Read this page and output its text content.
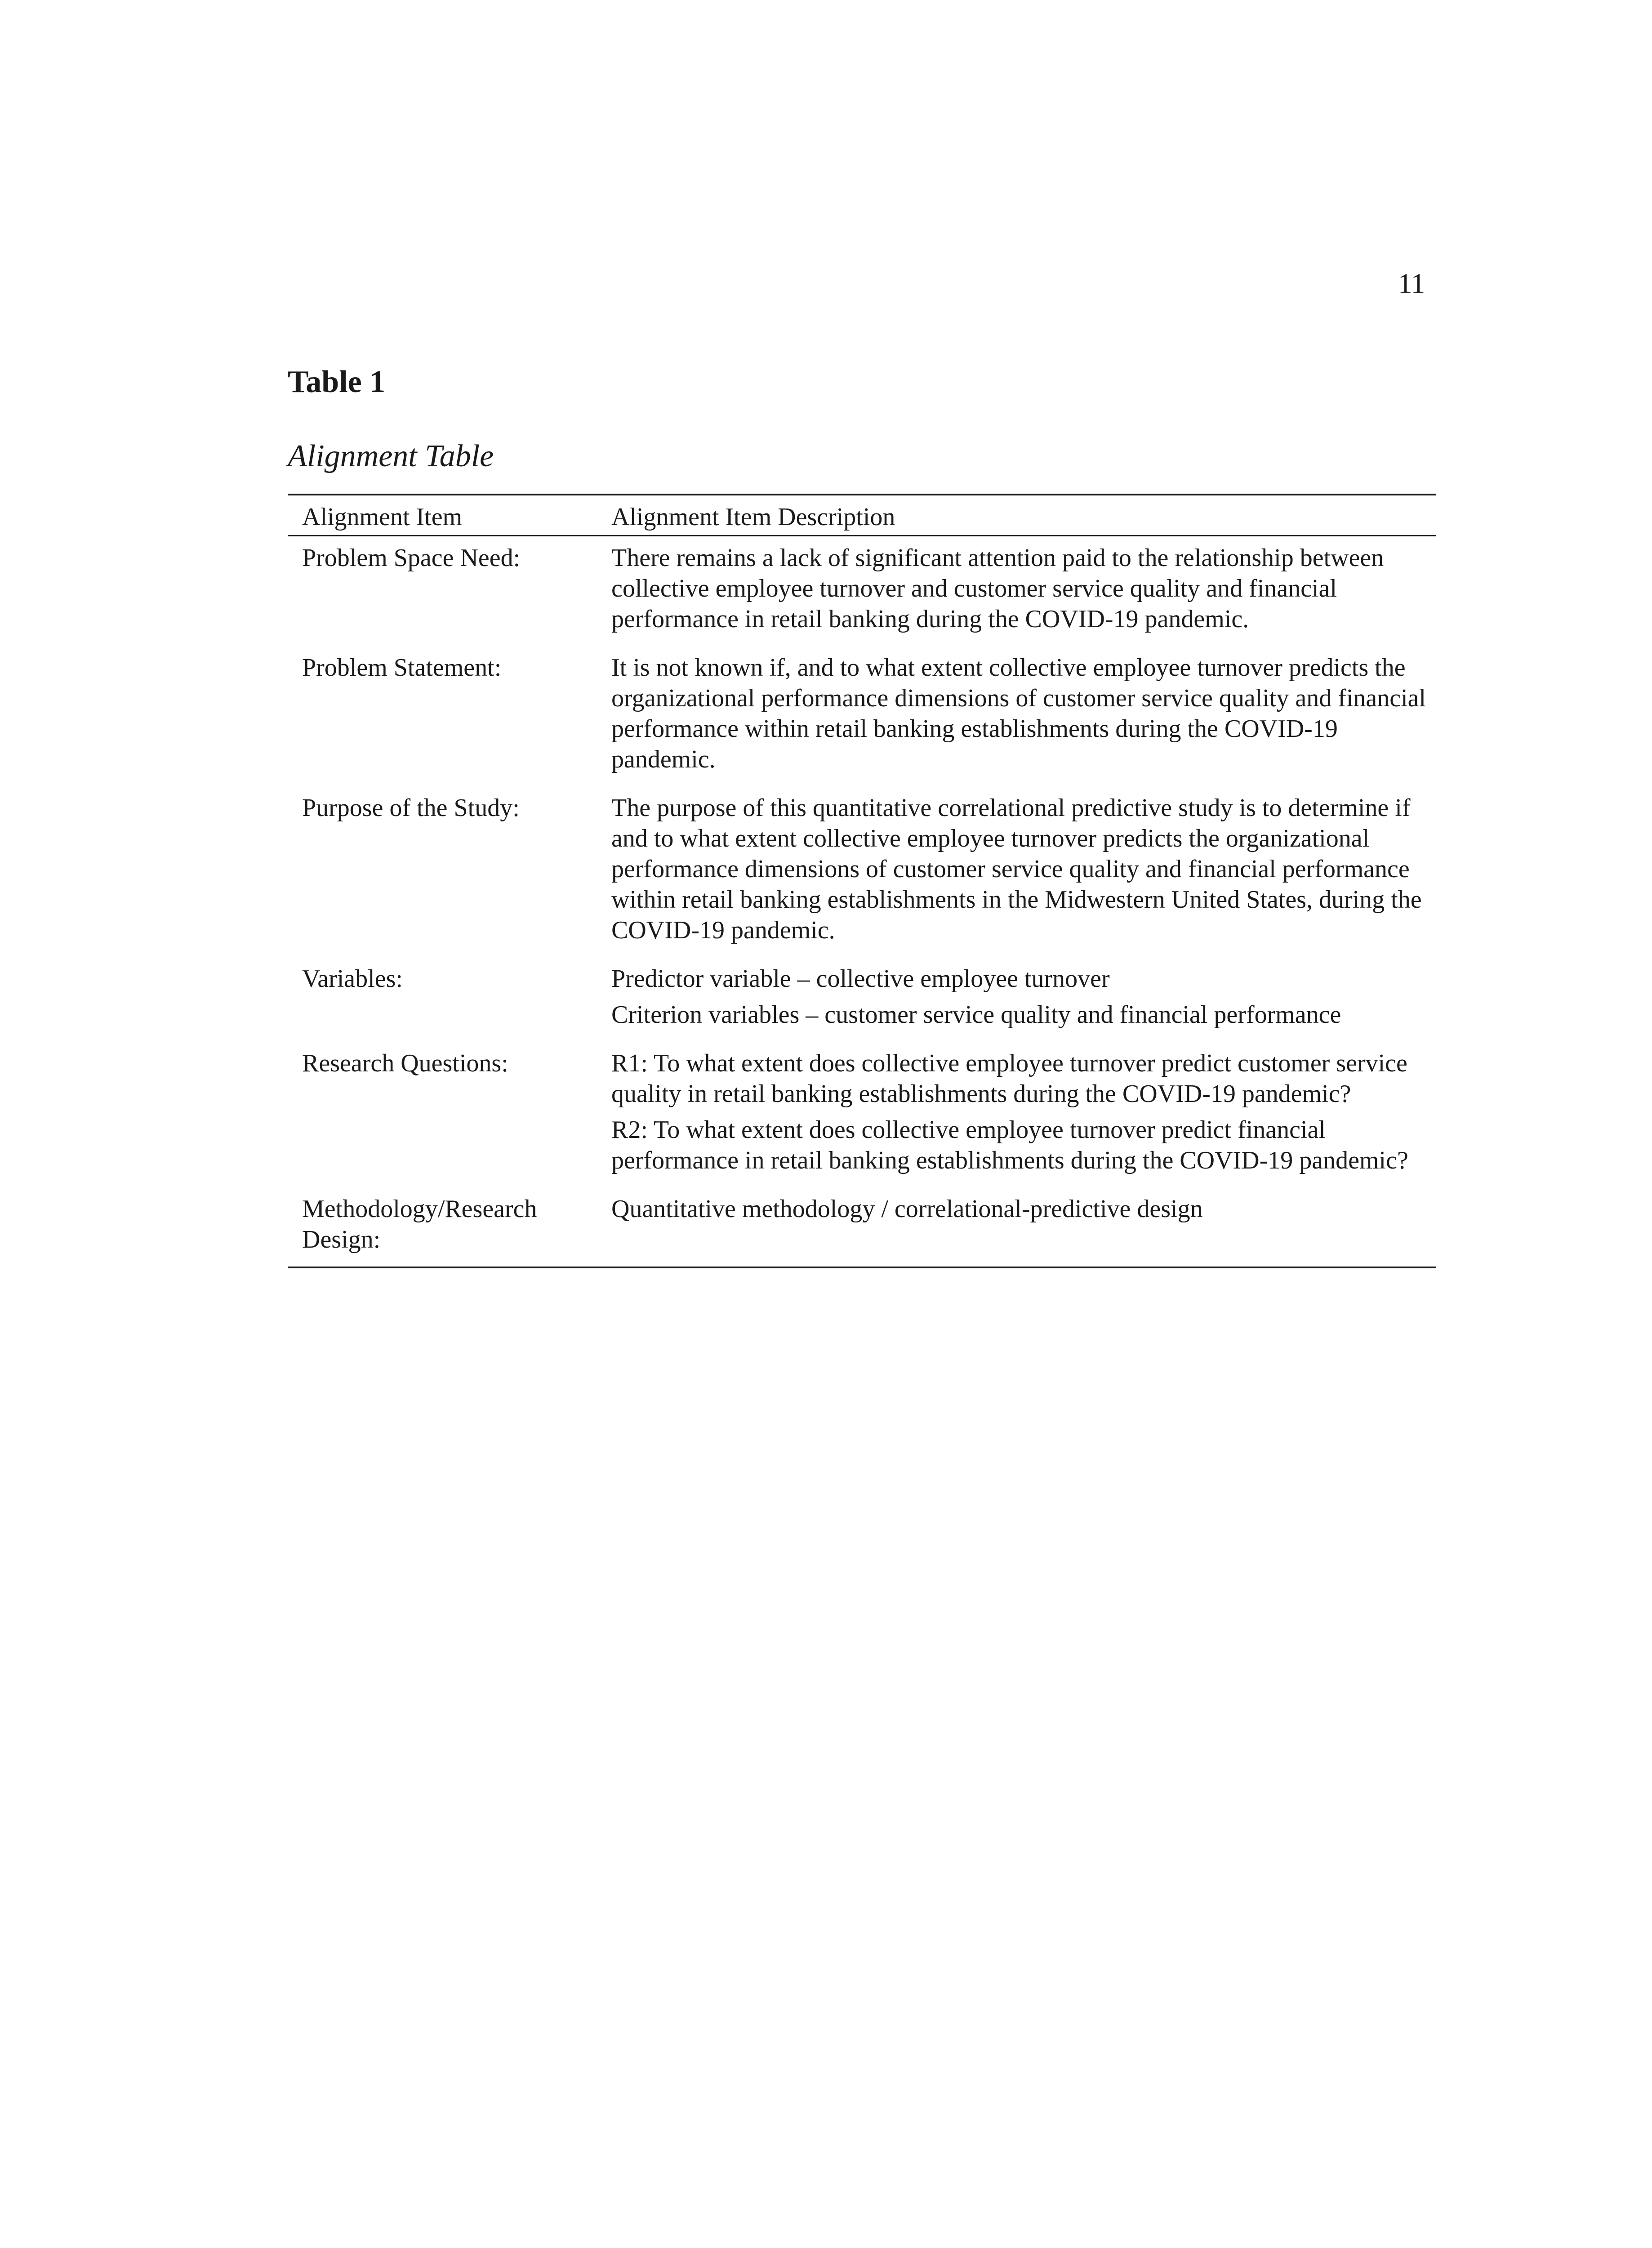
11
Table 1
Alignment Table
Alignment Item	Alignment Item Description
Problem Space Need:	There remains a lack of significant attention paid to the relationship between collective employee turnover and customer service quality and financial performance in retail banking during the COVID-19 pandemic.

Problem Statement:	It is not known if, and to what extent collective employee turnover predicts the organizational performance dimensions of customer service quality and financial performance within retail banking establishments during the COVID-19 pandemic.

Purpose of the Study:	The purpose of this quantitative correlational predictive study is to determine if and to what extent collective employee turnover predicts the organizational performance dimensions of customer service quality and financial performance within retail banking establishments in the Midwestern United States, during the COVID-19 pandemic.

Variables:	Predictor variable – collective employee turnover
Criterion variables – customer service quality and financial performance

Research Questions:	R1: To what extent does collective employee turnover predict customer service quality in retail banking establishments during the COVID-19 pandemic?
R2: To what extent does collective employee turnover predict financial performance in retail banking establishments during the COVID-19 pandemic?

Methodology/Research Design:	Quantitative methodology / correlational-predictive design
